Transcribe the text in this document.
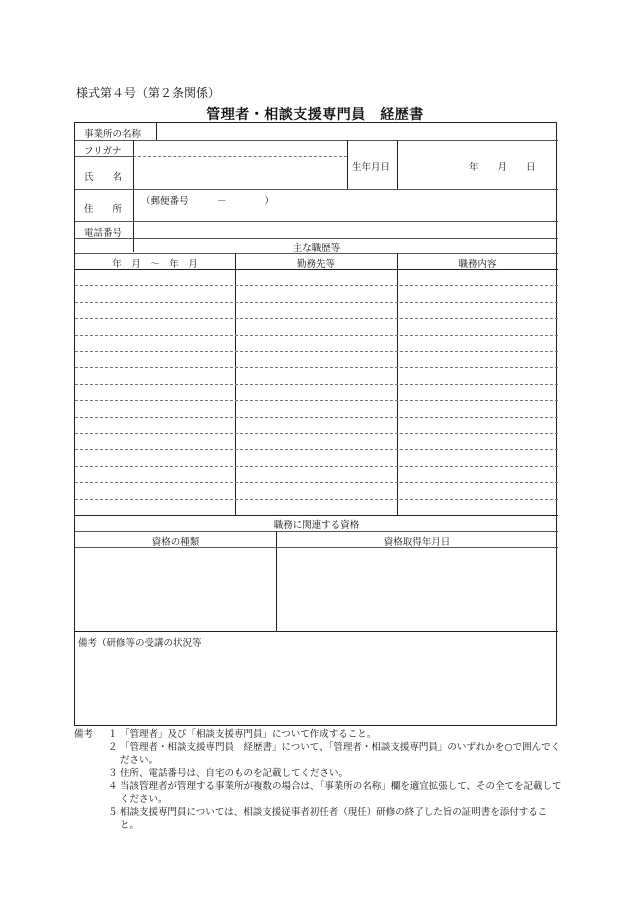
様式第４号（第２条関係）
管理者・相談支援専門員　経歴書
事業所の名称
フリガナ
氏　　名
生年月日	年　　月　　日
（郵便番号　　　－　　　　）
住　　所
電話番号
主な職歴等
年　月　～　年　月	勤務先等	職務内容
職務に関連する資格
資格の種類	資格取得年月日
備考（研修等の受講の状況等
備考 １ 「管理者」及び「相談支援専門員」について作成すること。
２ 「管理者・相談支援専門員　経歴書」について、「管理者・相談支援専門員」のいずれかを○で囲んでください。
３ 住所、電話番号は、自宅のものを記載してください。
４ 当該管理者が管理する事業所が複数の場合は、「事業所の名称」欄を適宜拡張して、その全てを記載してください。
５ 相談支援専門員については、相談支援従事者初任者（現任）研修の終了した旨の証明書を添付すること。
